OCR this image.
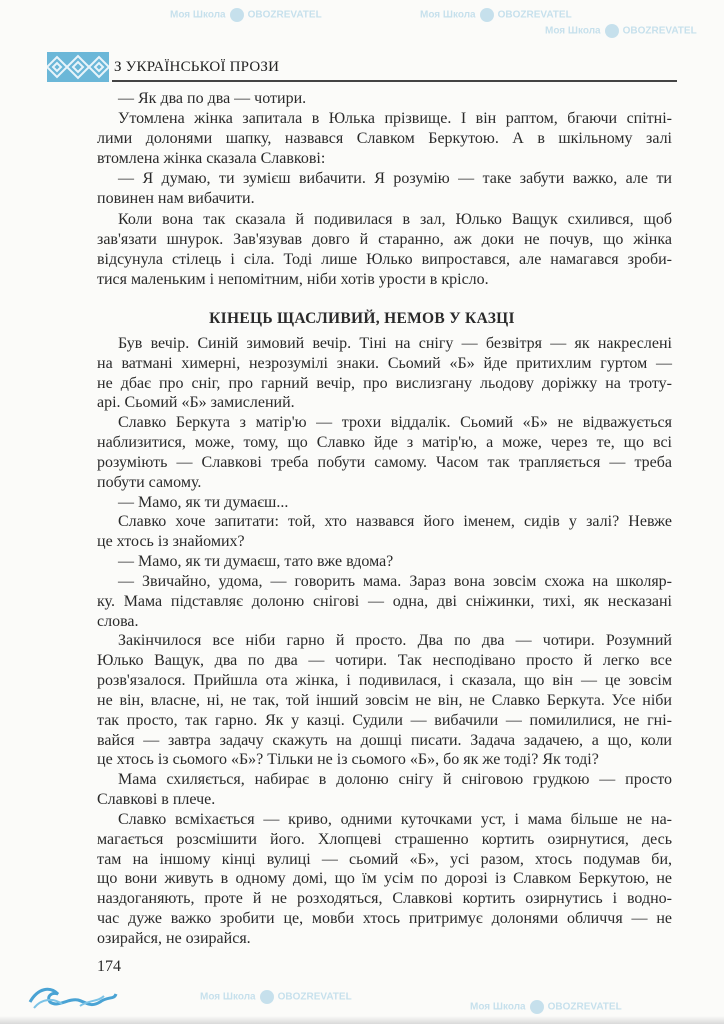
З УКРАЇНСЬКОЇ ПРОЗИ
КІНЕЦЬ ЩАСЛИВИЙ, НЕМОВ У КАЗЦІ
— Як два по два — чотири.
Утомлена жінка запитала в Юлька прізвище. І він раптом, бгаючи спітні-
лими долонями шапку, назвався Славком Беркутою. А в шкільному залі
втомлена жінка сказала Славкові:
— Я думаю, ти зумієш вибачити. Я розумію — таке забути важко, але ти
повинен нам вибачити.
Коли вона так сказала й подивилася в зал, Юлько Ващук схилився, щоб
зав'язати шнурок. Зав'язував довго й старанно, аж доки не почув, що жінка
відсунула стілець і сіла. Тоді лише Юлько випростався, але намагався зроби-
тися маленьким і непомітним, ніби хотів урости в крісло.
Був вечір. Синій зимовий вечір. Тіні на снігу — безвітря — як накреслені
на ватмані химерні, незрозумілі знаки. Сьомий «Б» йде притихлим гуртом —
не дбає про сніг, про гарний вечір, про вислизгану льодову доріжку на троту-
арі. Сьомий «Б» замислений.
Славко Беркута з матір'ю — трохи віддалік. Сьомий «Б» не відважується
наблизитися, може, тому, що Славко йде з матір'ю, а може, через те, що всі
розуміють — Славкові треба побути самому. Часом так трапляється — треба
побути самому.
— Мамо, як ти думаєш...
Славко хоче запитати: той, хто назвався його іменем, сидів у залі? Невже
це хтось із знайомих?
— Мамо, як ти думаєш, тато вже вдома?
— Звичайно, удома, — говорить мама. Зараз вона зовсім схожа на школяр-
ку. Мама підставляє долоню снігові — одна, дві сніжинки, тихі, як несказані
слова.
Закінчилося все ніби гарно й просто. Два по два — чотири. Розумний
Юлько Ващук, два по два — чотири. Так несподівано просто й легко все
розв'язалося. Прийшла ота жінка, і подивилася, і сказала, що він — це зовсім
не він, власне, ні, не так, той інший зовсім не він, не Славко Беркута. Усе ніби
так просто, так гарно. Як у казці. Судили — вибачили — помилилися, не гні-
вайся — завтра задачу скажуть на дошці писати. Задача задачею, а що, коли
це хтось із сьомого «Б»? Тільки не із сьомого «Б», бо як же тоді? Як тоді?
Мама схиляється, набирає в долоню снігу й сніговою грудкою — просто
Славкові в плече.
Славко всміхається — криво, одними куточками уст, і мама більше не на-
магається розсмішити його. Хлопцеві страшенно кортить озирнутися, десь
там на іншому кінці вулиці — сьомий «Б», усі разом, хтось подумав би,
що вони живуть в одному домі, що їм усім по дорозі із Славком Беркутою, не
наздоганяють, проте й не розходяться, Славкові кортить озирнутись і водно-
час дуже важко зробити це, мовби хтось притримує долонями обличчя — не
озирайся, не озирайся.
174
Моя Школа OBOZREVATEL	Моя Школа OBOZREVATEL
Моя Школа OBOZREVATEL
Моя Школа OBOZREVATEL
Моя Школа OBOZREVATEL
